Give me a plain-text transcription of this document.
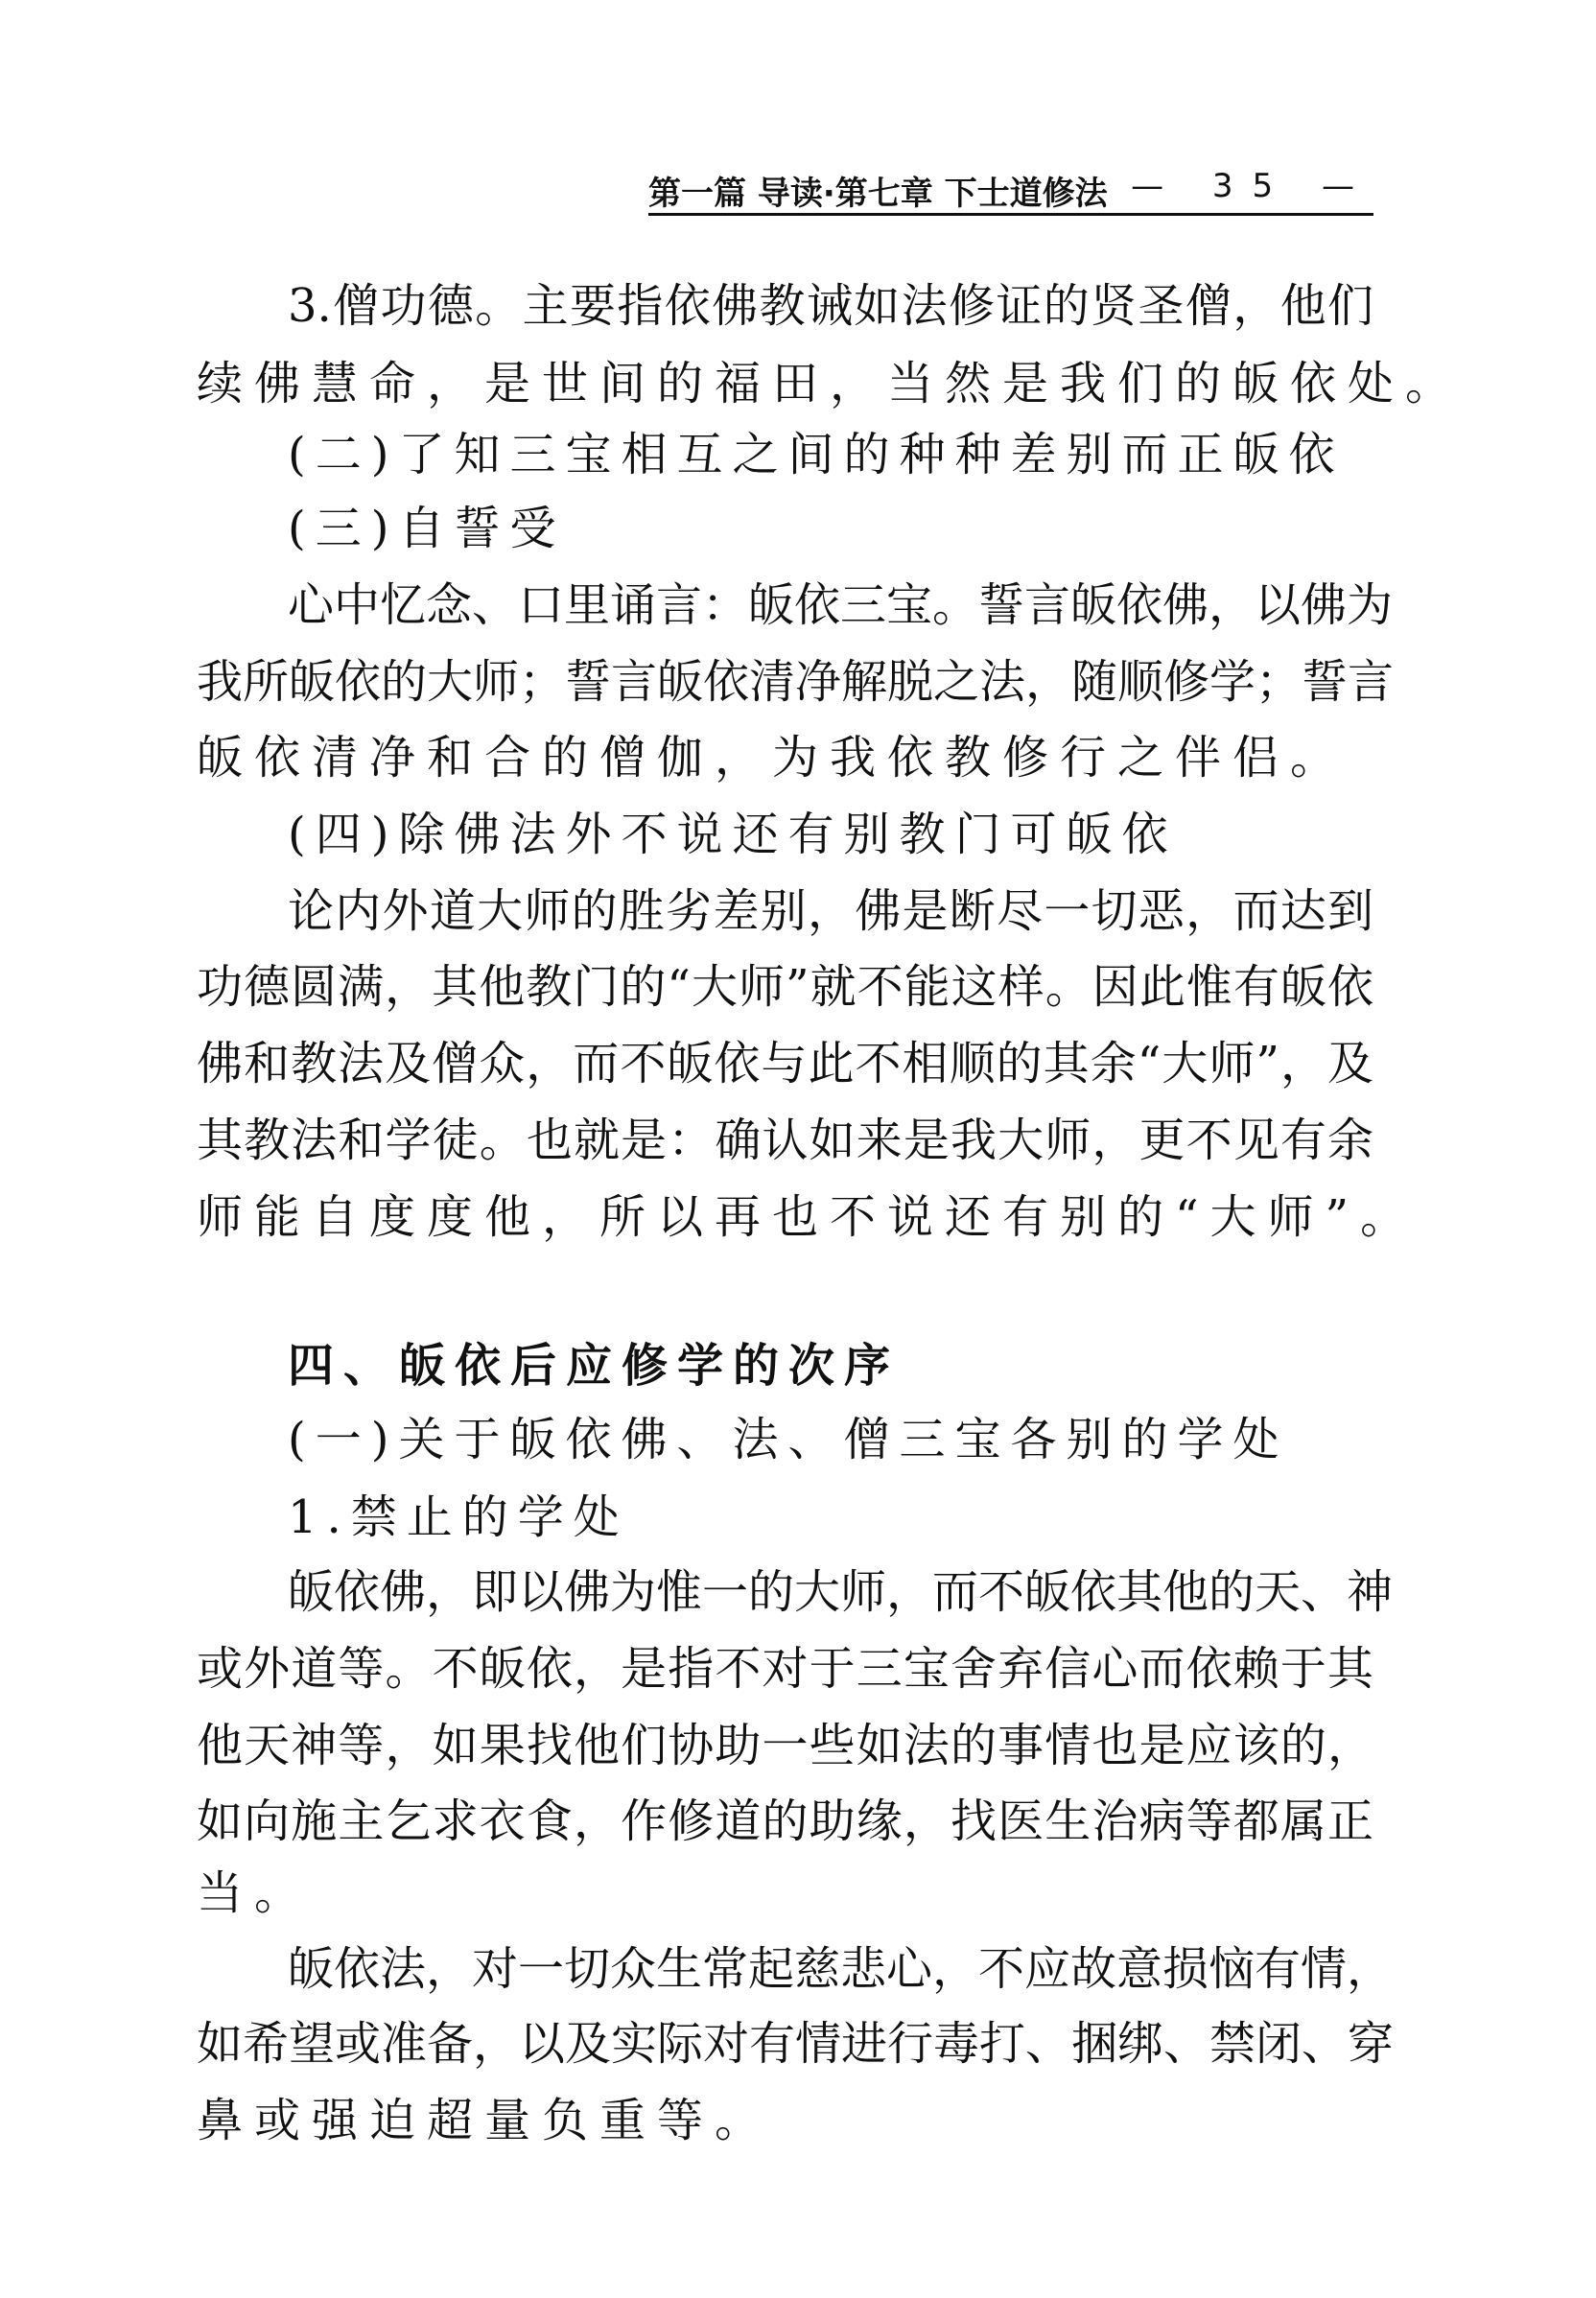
第一篇 导读·第七章 下士道修法 — 35 —
3.僧功德。主要指依佛教诫如法修证的贤圣僧，他们
续佛慧命，是世间的福田，当然是我们的皈依处。
(二)了知三宝相互之间的种种差别而正皈依
(三)自誓受
心中忆念、口里诵言：皈依三宝。誓言皈依佛，以佛为
我所皈依的大师；誓言皈依清净解脱之法，随顺修学；誓言
皈依清净和合的僧伽，为我依教修行之伴侣。
(四)除佛法外不说还有别教门可皈依
论内外道大师的胜劣差别，佛是断尽一切恶，而达到
功德圆满，其他教门的“大师”就不能这样。因此惟有皈依
佛和教法及僧众，而不皈依与此不相顺的其余“大师”，及
其教法和学徒。也就是：确认如来是我大师，更不见有余
师能自度度他，所以再也不说还有别的“大师”。
四、皈依后应修学的次序
(一)关于皈依佛、法、僧三宝各别的学处
1.禁止的学处
皈依佛，即以佛为惟一的大师，而不皈依其他的天、神
或外道等。不皈依，是指不对于三宝舍弃信心而依赖于其
他天神等，如果找他们协助一些如法的事情也是应该的，
如向施主乞求衣食，作修道的助缘，找医生治病等都属正
当。
皈依法，对一切众生常起慈悲心，不应故意损恼有情，
如希望或准备，以及实际对有情进行毒打、捆绑、禁闭、穿
鼻或强迫超量负重等。
